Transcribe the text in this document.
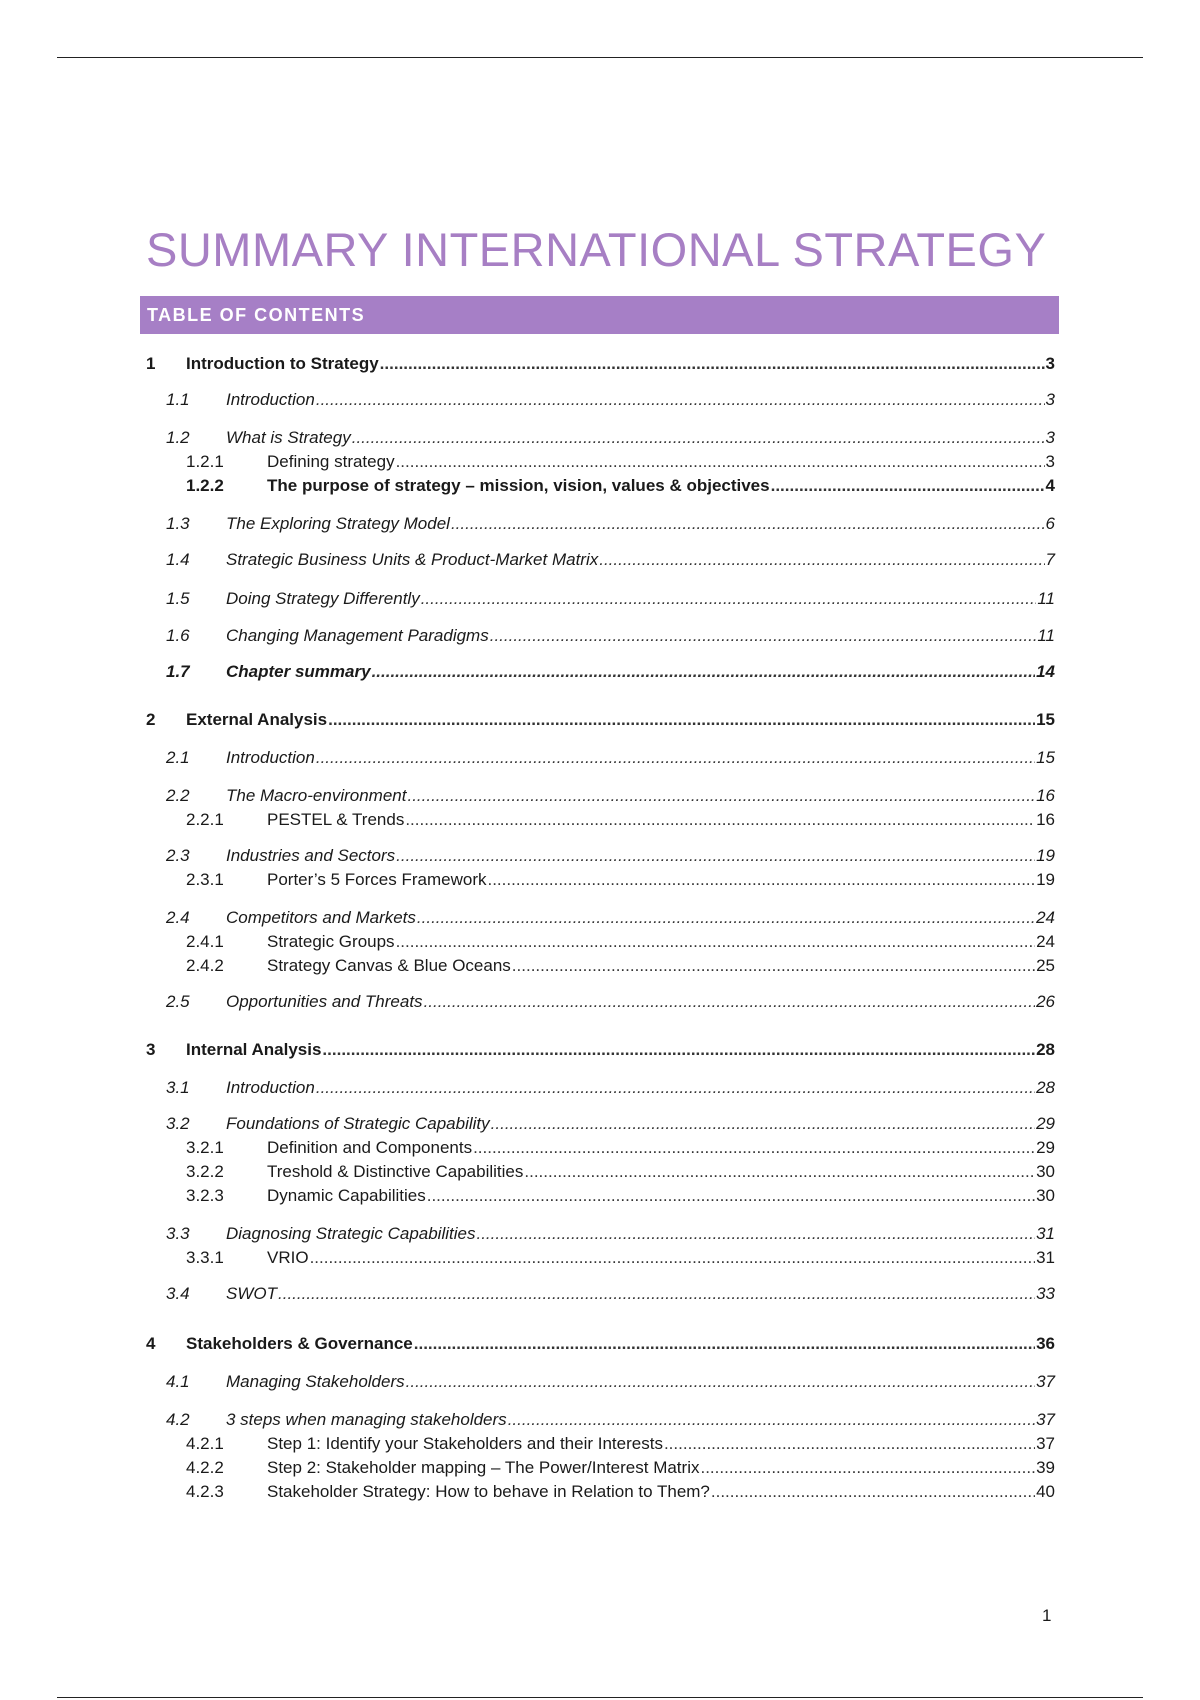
SUMMARY INTERNATIONAL STRATEGY
TABLE OF CONTENTS
1 Introduction to Strategy .....	3
1.1 Introduction .....	3
1.2 What is Strategy .....	3
1.2.1	Defining strategy .....	3
1.2.2	The purpose of strategy – mission, vision, values & objectives .....	4
1.3 The Exploring Strategy Model .....	6
1.4 Strategic Business Units & Product-Market Matrix .....	7
1.5 Doing Strategy Differently .....	11
1.6 Changing Management Paradigms .....	11
1.7 Chapter summary .....	14
2 External Analysis .....	15
2.1 Introduction .....	15
2.2 The Macro-environment .....	16
2.2.1	PESTEL & Trends .....	16
2.3 Industries and Sectors .....	19
2.3.1	Porter’s 5 Forces Framework .....	19
2.4 Competitors and Markets .....	24
2.4.1	Strategic Groups .....	24
2.4.2	Strategy Canvas & Blue Oceans .....	25
2.5 Opportunities and Threats .....	26
3 Internal Analysis .....	28
3.1 Introduction .....	28
3.2 Foundations of Strategic Capability .....	29
3.2.1	Definition and Components .....	29
3.2.2	Treshold & Distinctive Capabilities .....	30
3.2.3	Dynamic Capabilities .....	30
3.3 Diagnosing Strategic Capabilities .....	31
3.3.1	VRIO .....	31
3.4 SWOT .....	33
4 Stakeholders & Governance .....	36
4.1 Managing Stakeholders .....	37
4.2 3 steps when managing stakeholders .....	37
4.2.1	Step 1: Identify your Stakeholders and their Interests .....	37
4.2.2	Step 2: Stakeholder mapping – The Power/Interest Matrix .....	39
4.2.3	Stakeholder Strategy: How to behave in Relation to Them? .....	40
1
